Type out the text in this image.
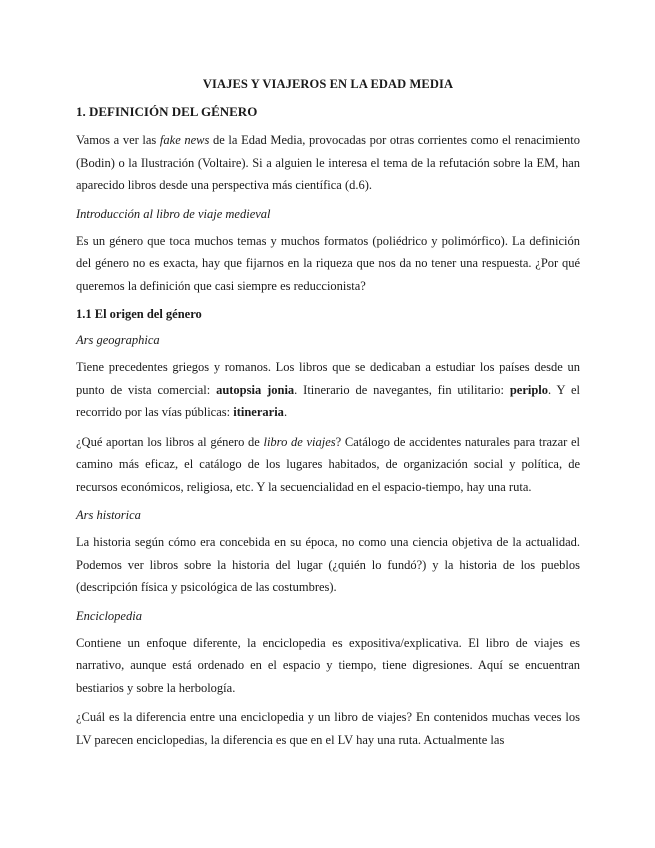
VIAJES Y VIAJEROS EN LA EDAD MEDIA
1. DEFINICIÓN DEL GÉNERO

Vamos a ver las fake news de la Edad Media, provocadas por otras corrientes como el renacimiento (Bodin) o la Ilustración (Voltaire). Si a alguien le interesa el tema de la refutación sobre la EM, han aparecido libros desde una perspectiva más científica (d.6).

Introducción al libro de viaje medieval

Es un género que toca muchos temas y muchos formatos (poliédrico y polimórfico). La definición del género no es exacta, hay que fijarnos en la riqueza que nos da no tener una respuesta. ¿Por qué queremos la definición que casi siempre es reduccionista?

1.1 El origen del género
Ars geographica

Tiene precedentes griegos y romanos. Los libros que se dedicaban a estudiar los países desde un punto de vista comercial: autopsia jonia. Itinerario de navegantes, fin utilitario: periplo. Y el recorrido por las vías públicas: itineraria.

¿Qué aportan los libros al género de libro de viajes? Catálogo de accidentes naturales para trazar el camino más eficaz, el catálogo de los lugares habitados, de organización social y política, de recursos económicos, religiosa, etc. Y la secuencialidad en el espacio-tiempo, hay una ruta.

Ars historica

La historia según cómo era concebida en su época, no como una ciencia objetiva de la actualidad. Podemos ver libros sobre la historia del lugar (¿quién lo fundó?) y la historia de los pueblos (descripción física y psicológica de las costumbres).

Enciclopedia

Contiene un enfoque diferente, la enciclopedia es expositiva/explicativa. El libro de viajes es narrativo, aunque está ordenado en el espacio y tiempo, tiene digresiones. Aquí se encuentran bestiarios y sobre la herbología.

¿Cuál es la diferencia entre una enciclopedia y un libro de viajes? En contenidos muchas veces los LV parecen enciclopedias, la diferencia es que en el LV hay una ruta. Actualmente las
